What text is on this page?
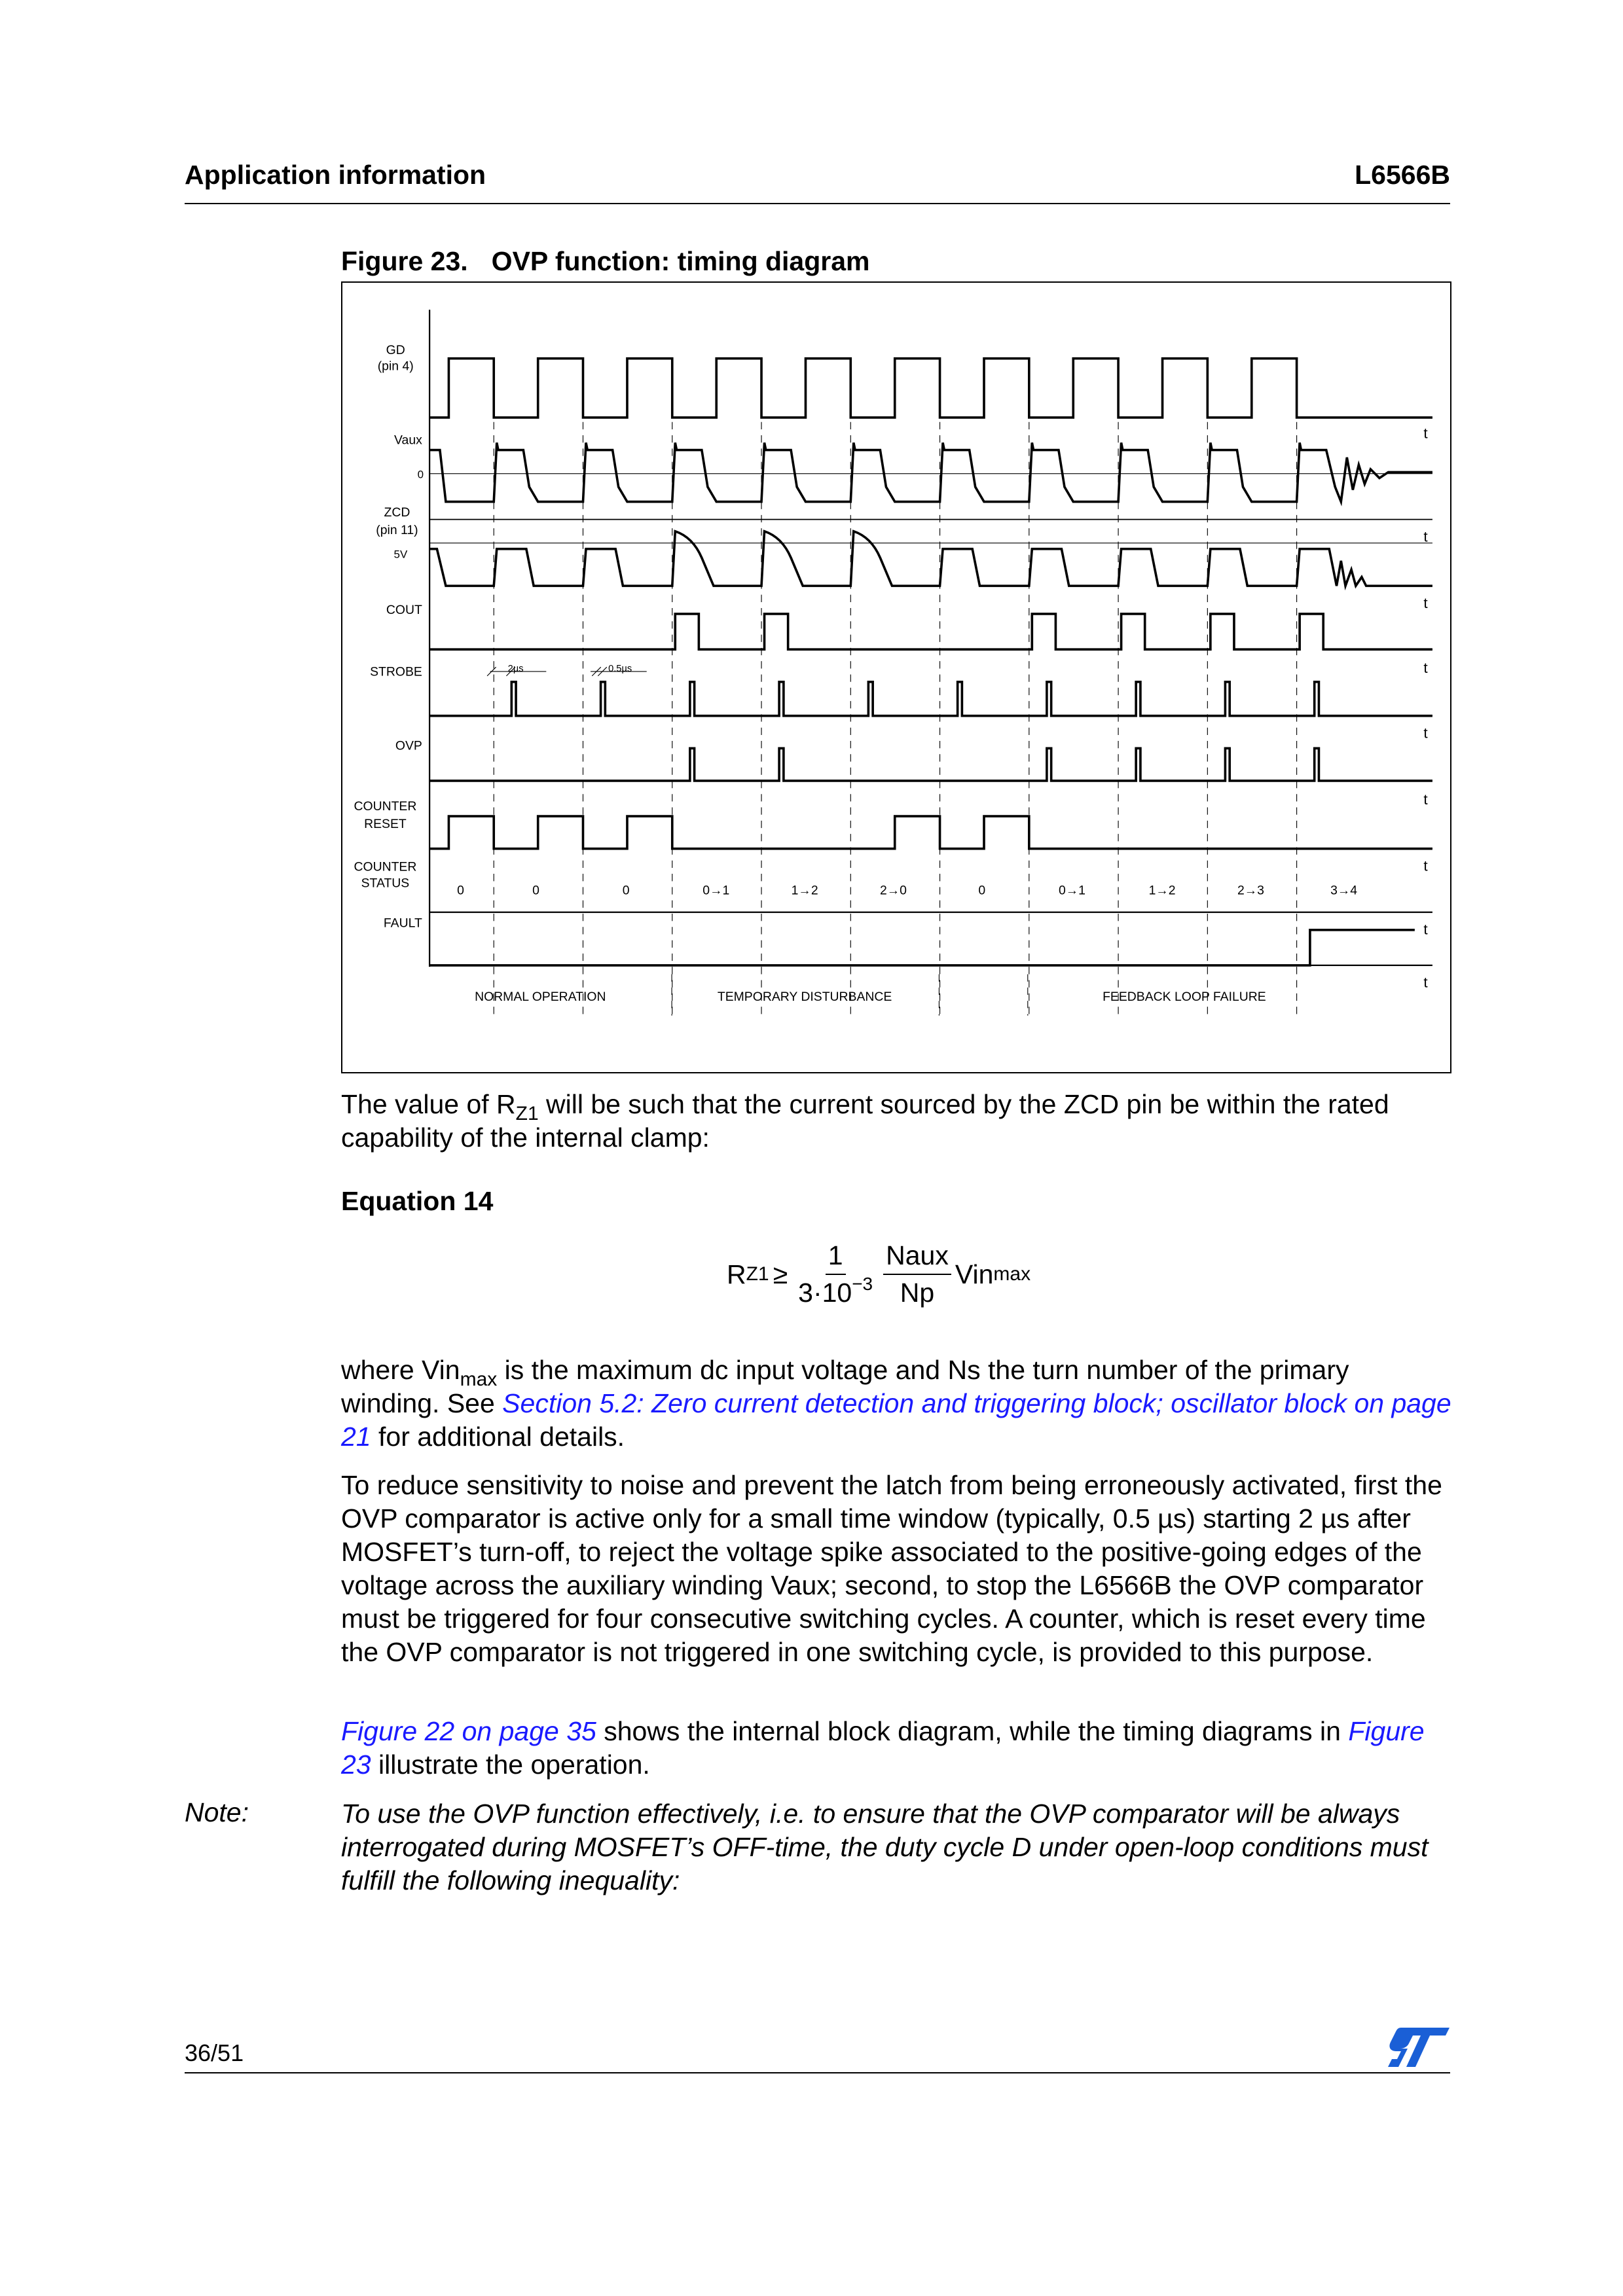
Application information	L6566B
Figure 23. OVP function: timing diagram
GD
(pin 4)
Vaux
0
ZCD
(pin 11)
5V
COUT
STROBE
OVP
COUNTER
RESET
COUNTER
STATUS
FAULT
2µs	0.5µs
NORMAL OPERATION	TEMPORARY DISTURBANCE	FEEDBACK LOOP FAILURE
t
t
t
t
t
t
t
t
t
0	0	0	0→1	1→2	2→0	0	0→1	1→2	2→3	3→4

The value of $R_{Z1}$ will be such that the current sourced by the ZCD pin be within the rated capability of the internal clamp:

Equation 14
R $Z1 \ge \frac{1}{3\cdot 10^{-3}} \frac{\text{Naux}}{Np}$ Vin max

where Vin$_{max}$ is the maximum dc input voltage and Ns the turn number of the primary winding. See Section 5.2: Zero current detection and triggering block; oscillator block on page 21 for additional details.

To reduce sensitivity to noise and prevent the latch from being erroneously activated, first the OVP comparator is active only for a small time window (typically, 0.5 µs) starting 2 µs after MOSFET’s turn-off, to reject the voltage spike associated to the positive-going edges of the voltage across the auxiliary winding Vaux; second, to stop the L6566B the OVP comparator must be triggered for four consecutive switching cycles. A counter, which is reset every time the OVP comparator is not triggered in one switching cycle, is provided to this purpose.

Figure 22 on page 35 shows the internal block diagram, while the timing diagrams in Figure 23 illustrate the operation.

Note:	To use the OVP function effectively, i.e. to ensure that the OVP comparator will be always interrogated during MOSFET’s OFF-time, the duty cycle D under open-loop conditions must fulfill the following inequality:
36/51
